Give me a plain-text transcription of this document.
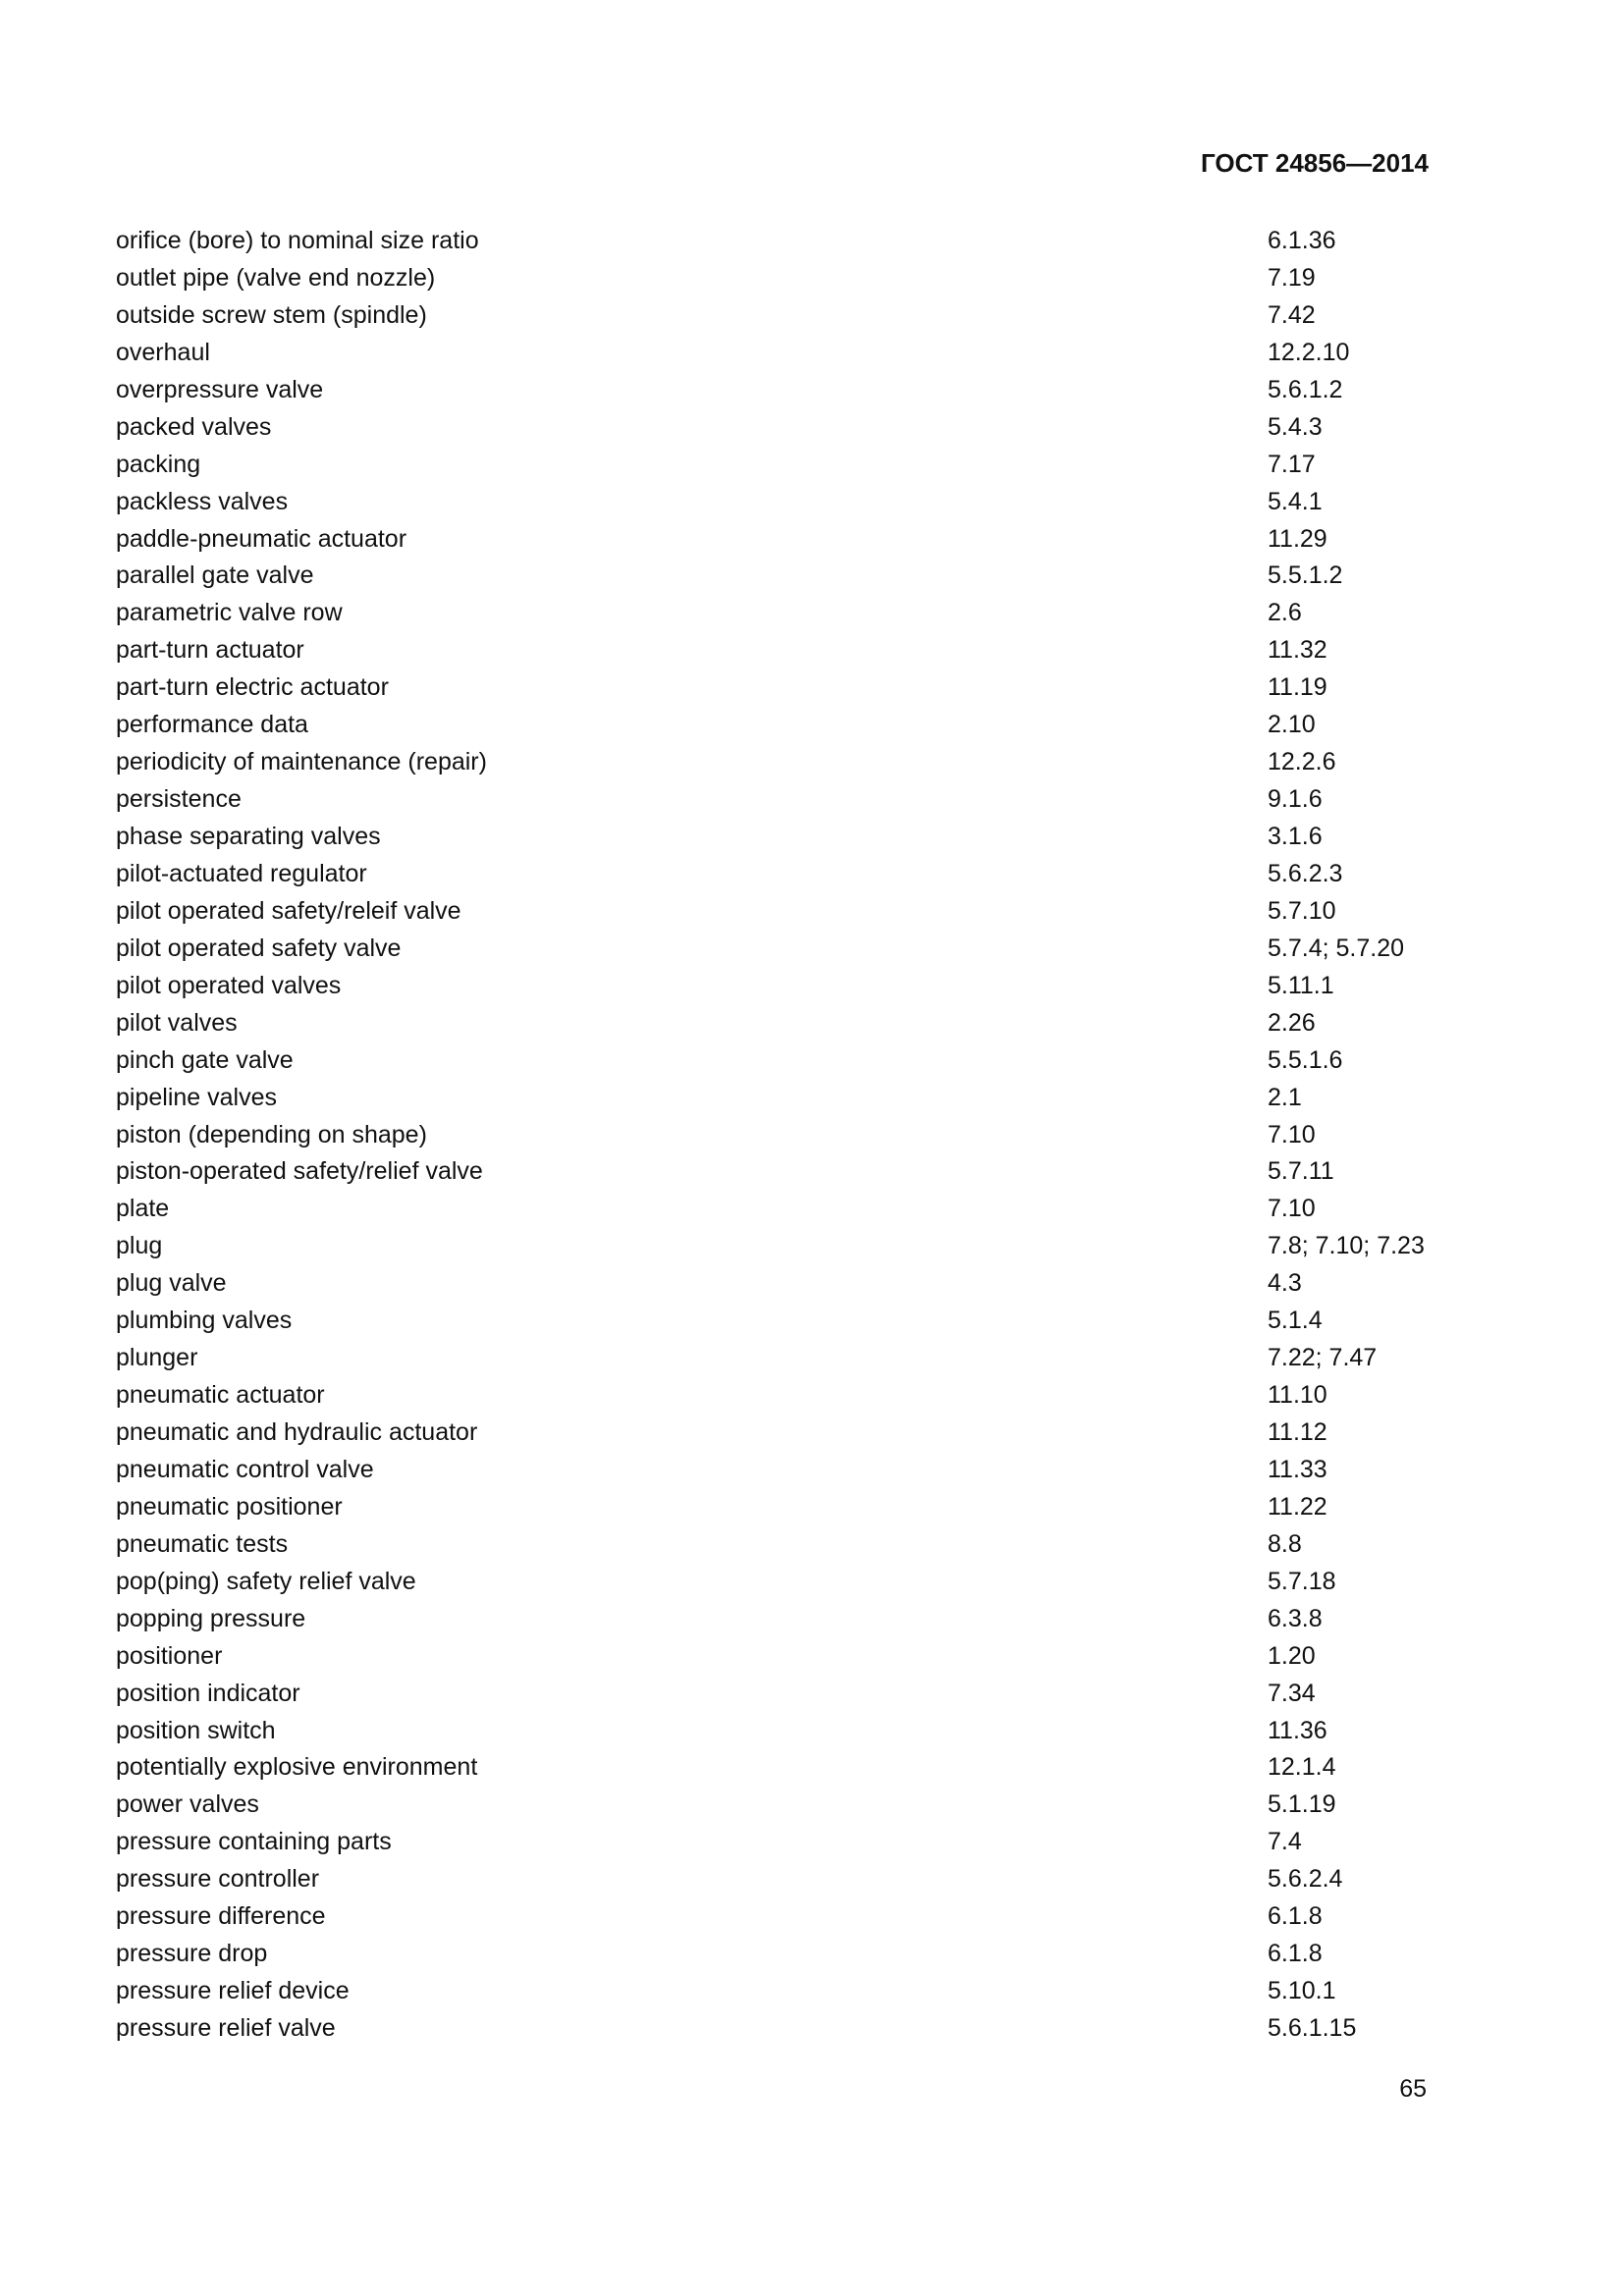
ГОСТ 24856—2014
orifice (bore) to nominal size ratio	6.1.36
outlet pipe (valve end nozzle)	7.19
outside screw stem (spindle)	7.42
overhaul	12.2.10
overpressure valve	5.6.1.2
packed valves	5.4.3
packing	7.17
packless valves	5.4.1
paddle-pneumatic actuator	11.29
parallel gate valve	5.5.1.2
parametric valve row	2.6
part-turn actuator	11.32
part-turn electric actuator	11.19
performance data	2.10
periodicity of maintenance (repair)	12.2.6
persistence	9.1.6
phase separating valves	3.1.6
pilot-actuated regulator	5.6.2.3
pilot operated safety/releif valve	5.7.10
pilot operated safety valve	5.7.4; 5.7.20
pilot operated valves	5.11.1
pilot valves	2.26
pinch gate valve	5.5.1.6
pipeline valves	2.1
piston (depending on shape)	7.10
piston-operated safety/relief valve	5.7.11
plate	7.10
plug	7.8; 7.10; 7.23
plug valve	4.3
plumbing valves	5.1.4
plunger	7.22; 7.47
pneumatic actuator	11.10
pneumatic and hydraulic actuator	11.12
pneumatic control valve	11.33
pneumatic positioner	11.22
pneumatic tests	8.8
pop(ping) safety relief valve	5.7.18
popping pressure	6.3.8
positioner	1.20
position indicator	7.34
position switch	11.36
potentially explosive environment	12.1.4
power valves	5.1.19
pressure containing parts	7.4
pressure controller	5.6.2.4
pressure difference	6.1.8
pressure drop	6.1.8
pressure relief device	5.10.1
pressure relief valve	5.6.1.15
65
